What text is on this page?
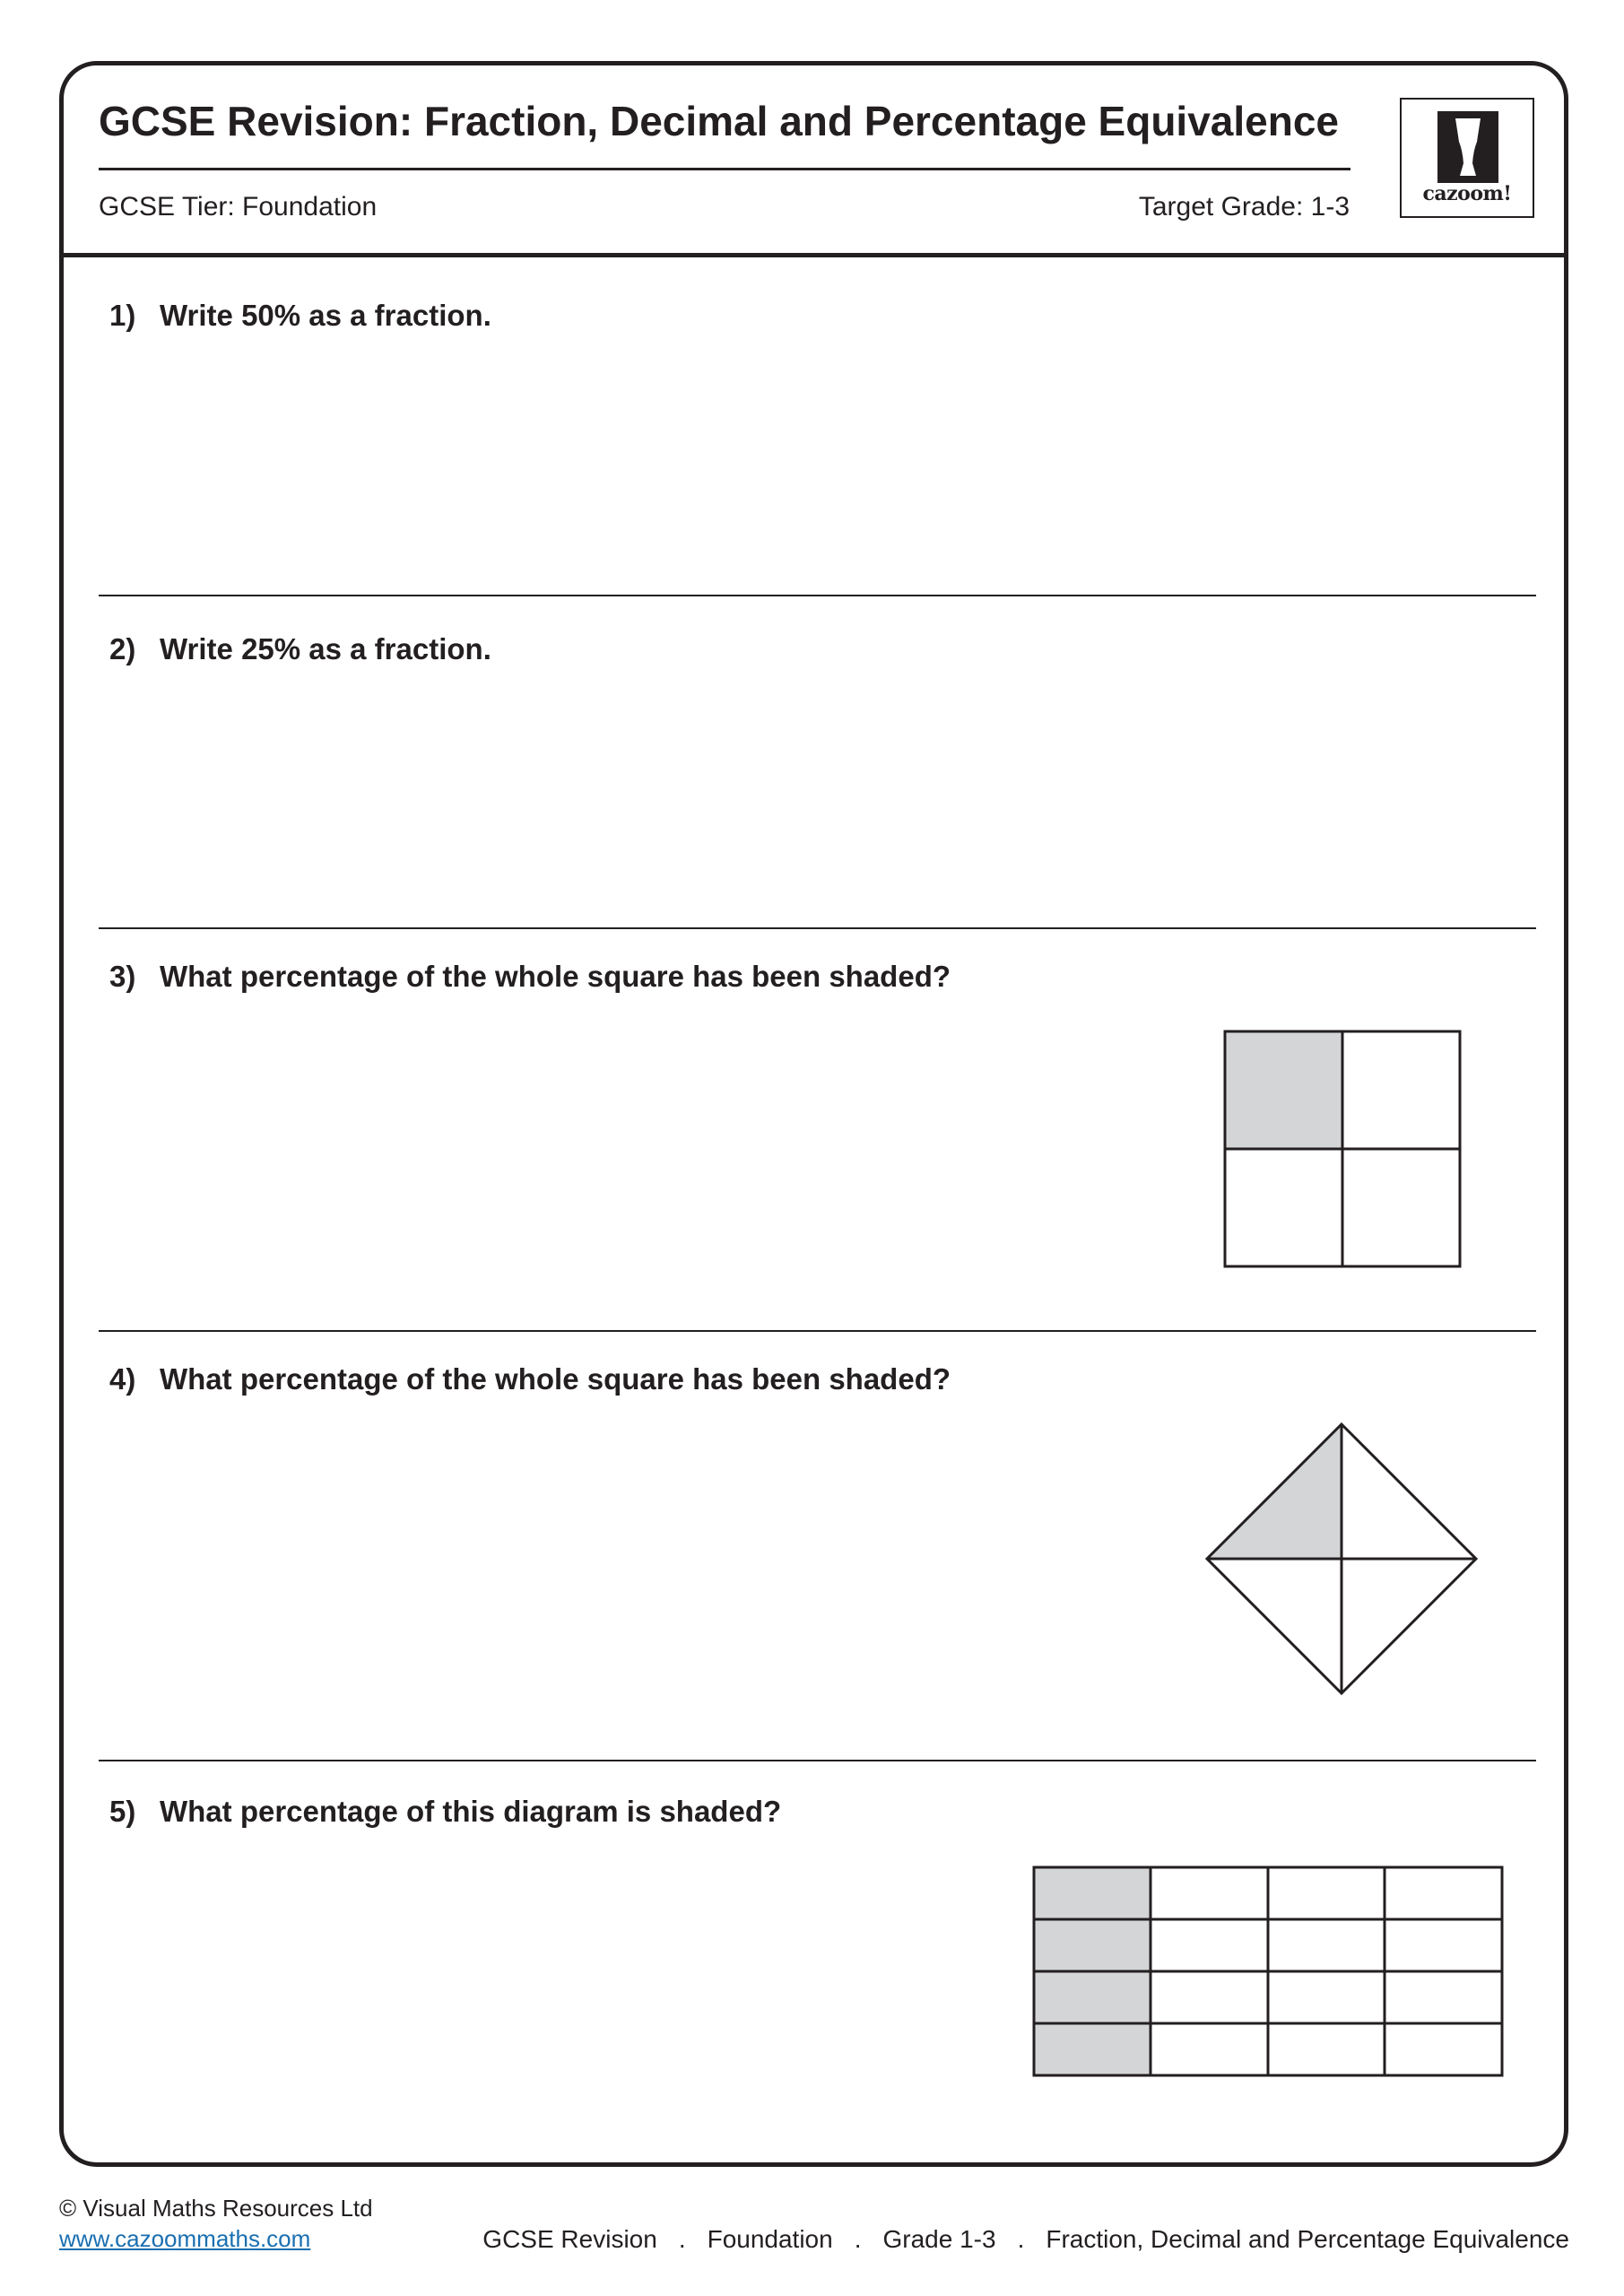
GCSE Revision: Fraction, Decimal and Percentage Equivalence
GCSE Tier: Foundation	Target Grade: 1-3	cazoom!
1) Write 50% as a fraction.
2) Write 25% as a fraction.
3) What percentage of the whole square has been shaded?
4) What percentage of the whole square has been shaded?
5) What percentage of this diagram is shaded?
© Visual Maths Resources Ltd
www.cazoommaths.com	GCSE Revision . Foundation . Grade 1-3 . Fraction, Decimal and Percentage Equivalence
